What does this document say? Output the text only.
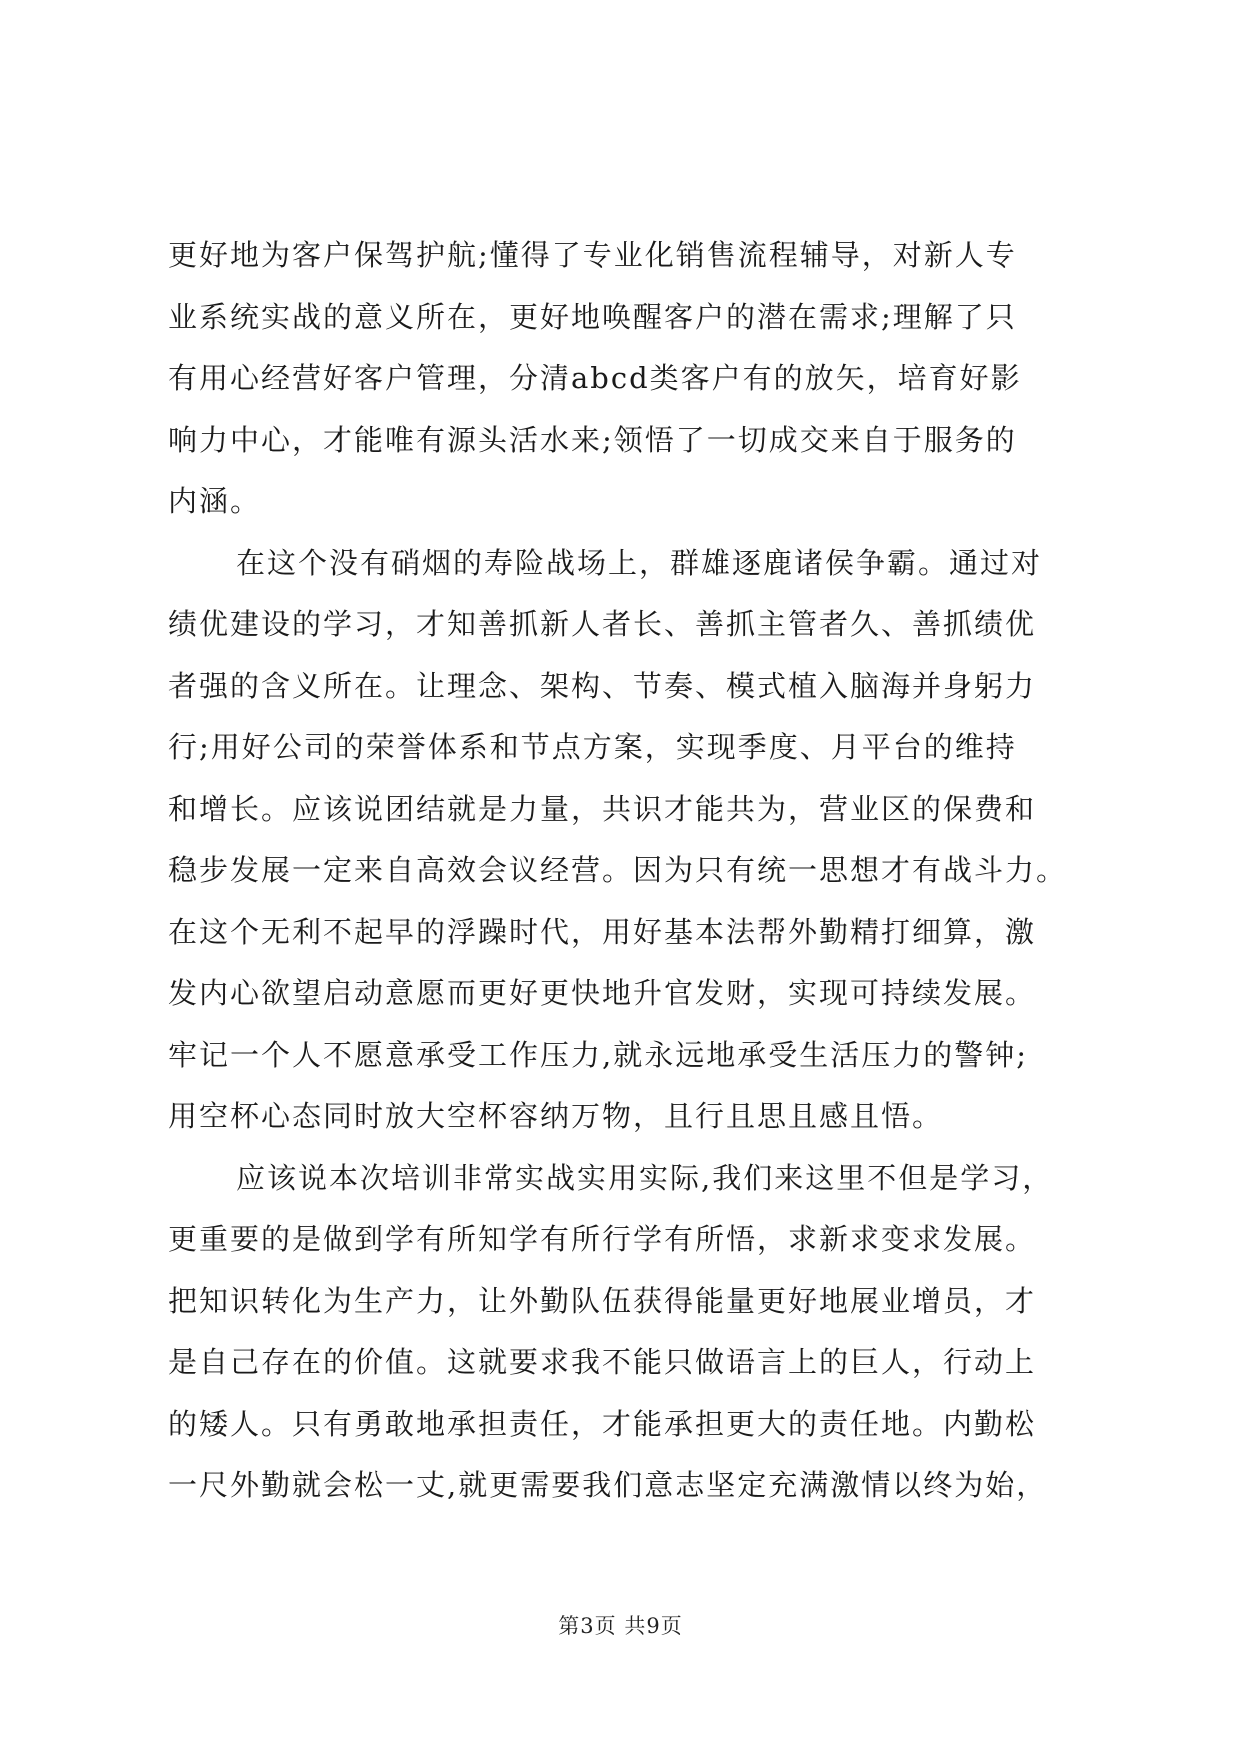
更好地为客户保驾护航;懂得了专业化销售流程辅导，对新人专
业系统实战的意义所在，更好地唤醒客户的潜在需求;理解了只
有用心经营好客户管理，分清abcd类客户有的放矢，培育好影
响力中心，才能唯有源头活水来;领悟了一切成交来自于服务的
内涵。
在这个没有硝烟的寿险战场上，群雄逐鹿诸侯争霸。通过对
绩优建设的学习，才知善抓新人者长、善抓主管者久、善抓绩优
者强的含义所在。让理念、架构、节奏、模式植入脑海并身躬力
行;用好公司的荣誉体系和节点方案，实现季度、月平台的维持
和增长。应该说团结就是力量，共识才能共为，营业区的保费和
稳步发展一定来自高效会议经营。因为只有统一思想才有战斗力。
在这个无利不起早的浮躁时代，用好基本法帮外勤精打细算，激
发内心欲望启动意愿而更好更快地升官发财，实现可持续发展。
牢记一个人不愿意承受工作压力,就永远地承受生活压力的警钟;
用空杯心态同时放大空杯容纳万物，且行且思且感且悟。
应该说本次培训非常实战实用实际,我们来这里不但是学习，
更重要的是做到学有所知学有所行学有所悟，求新求变求发展。
把知识转化为生产力，让外勤队伍获得能量更好地展业增员，才
是自己存在的价值。这就要求我不能只做语言上的巨人，行动上
的矮人。只有勇敢地承担责任，才能承担更大的责任地。内勤松
一尺外勤就会松一丈,就更需要我们意志坚定充满激情以终为始，
第3页 共9页
